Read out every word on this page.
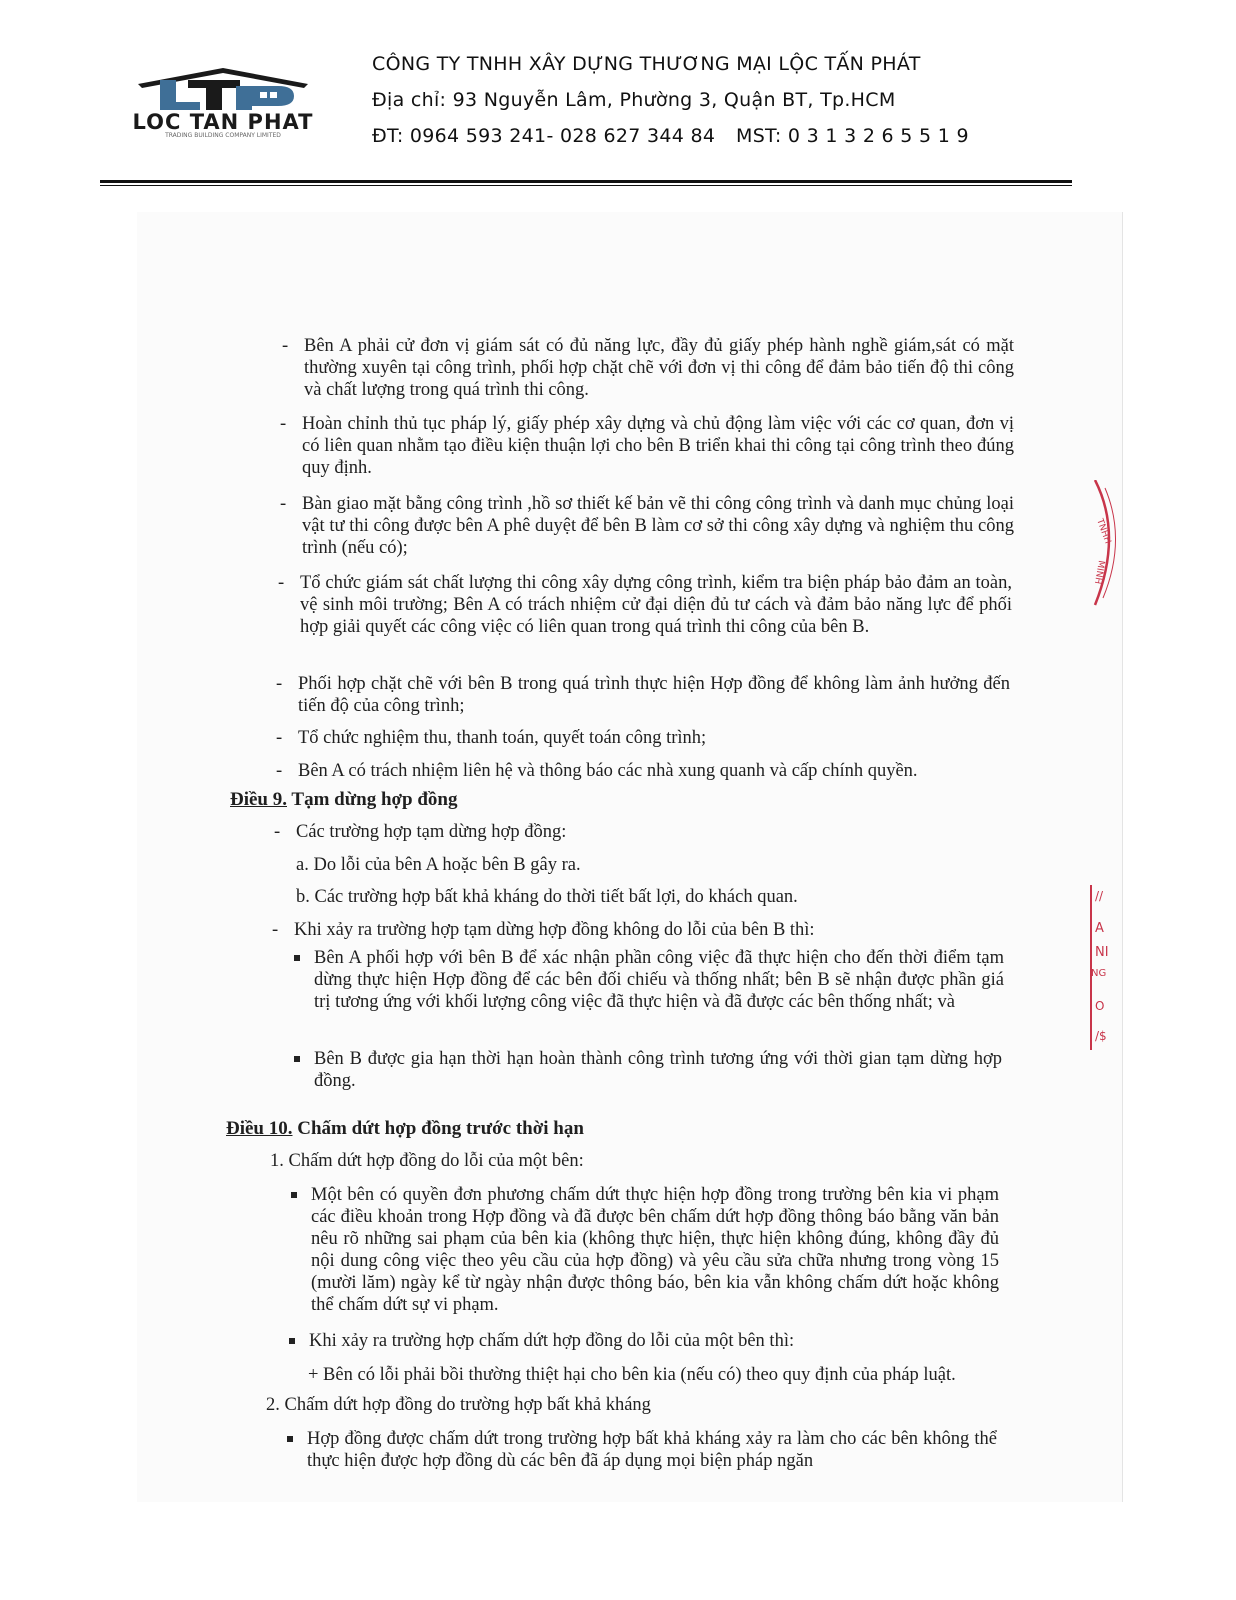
LOC TAN PHAT
TRADING BUILDING COMPANY LIMITED
CÔNG TY TNHH XÂY DỰNG THƯƠNG MẠI LỘC TẤN PHÁT
Địa chỉ: 93 Nguyễn Lâm, Phường 3, Quận BT, Tp.HCM
ĐT: 0964 593 241- 028 627 344 84 MST: 0 3 1 3 2 6 5 5 1 9
TNHH
MINH
//
A
NI
NG
O
/$
- Bên A phải cử đơn vị giám sát có đủ năng lực, đầy đủ giấy phép hành nghề giám,sát có mặt thường xuyên tại công trình, phối hợp chặt chẽ với đơn vị thi công để đảm bảo tiến độ thi công và chất lượng trong quá trình thi công.
- Hoàn chỉnh thủ tục pháp lý, giấy phép xây dựng và chủ động làm việc với các cơ quan, đơn vị có liên quan nhằm tạo điều kiện thuận lợi cho bên B triển khai thi công tại công trình theo đúng quy định.
- Bàn giao mặt bằng công trình ,hồ sơ thiết kế bản vẽ thi công công trình và danh mục chủng loại vật tư thi công được bên A phê duyệt để bên B làm cơ sở thi công xây dựng và nghiệm thu công trình (nếu có);
- Tổ chức giám sát chất lượng thi công xây dựng công trình, kiểm tra biện pháp bảo đảm an toàn, vệ sinh môi trường; Bên A có trách nhiệm cử đại diện đủ tư cách và đảm bảo năng lực để phối hợp giải quyết các công việc có liên quan trong quá trình thi công của bên B.
- Phối hợp chặt chẽ với bên B trong quá trình thực hiện Hợp đồng để không làm ảnh hưởng đến tiến độ của công trình;
- Tổ chức nghiệm thu, thanh toán, quyết toán công trình;
- Bên A có trách nhiệm liên hệ và thông báo các nhà xung quanh và cấp chính quyền.
Điều 9. Tạm dừng hợp đồng
- Các trường hợp tạm dừng hợp đồng:
a. Do lỗi của bên A hoặc bên B gây ra.
b. Các trường hợp bất khả kháng do thời tiết bất lợi, do khách quan.
- Khi xảy ra trường hợp tạm dừng hợp đồng không do lỗi của bên B thì:
Bên A phối hợp với bên B để xác nhận phần công việc đã thực hiện cho đến thời điểm tạm dừng thực hiện Hợp đồng để các bên đối chiếu và thống nhất; bên B sẽ nhận được phần giá trị tương ứng với khối lượng công việc đã thực hiện và đã được các bên thống nhất; và
Bên B được gia hạn thời hạn hoàn thành công trình tương ứng với thời gian tạm dừng hợp đồng.
Điều 10. Chấm dứt hợp đồng trước thời hạn
1. Chấm dứt hợp đồng do lỗi của một bên:
Một bên có quyền đơn phương chấm dứt thực hiện hợp đồng trong trường bên kia vi phạm các điều khoản trong Hợp đồng và đã được bên chấm dứt hợp đồng thông báo bằng văn bản nêu rõ những sai phạm của bên kia (không thực hiện, thực hiện không đúng, không đầy đủ nội dung công việc theo yêu cầu của hợp đồng) và yêu cầu sửa chữa nhưng trong vòng 15 (mười lăm) ngày kể từ ngày nhận được thông báo, bên kia vẫn không chấm dứt hoặc không thể chấm dứt sự vi phạm.
Khi xảy ra trường hợp chấm dứt hợp đồng do lỗi của một bên thì:
+ Bên có lỗi phải bồi thường thiệt hại cho bên kia (nếu có) theo quy định của pháp luật.
2. Chấm dứt hợp đồng do trường hợp bất khả kháng
Hợp đồng được chấm dứt trong trường hợp bất khả kháng xảy ra làm cho các bên không thể thực hiện được hợp đồng dù các bên đã áp dụng mọi biện pháp ngăn
